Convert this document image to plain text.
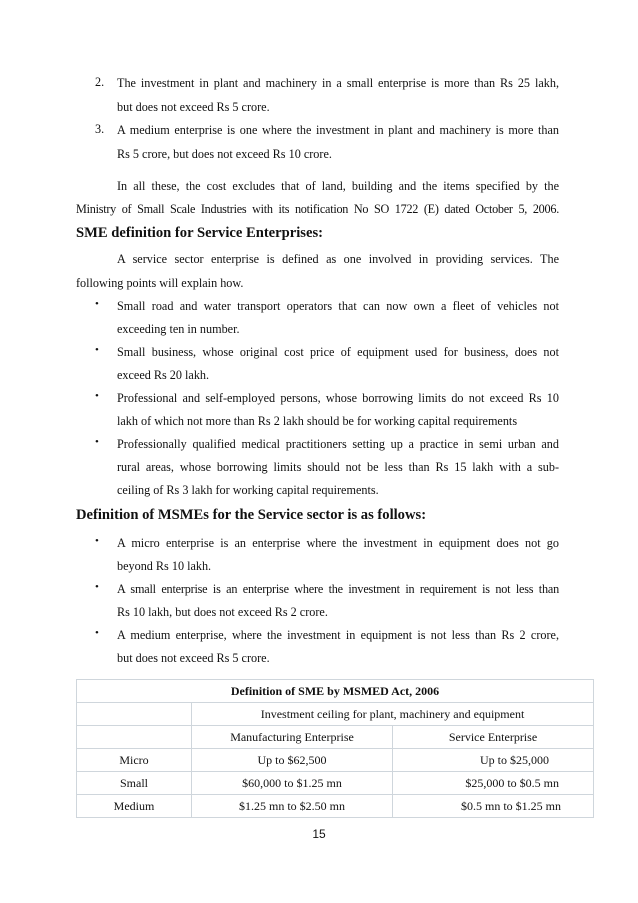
2. The investment in plant and machinery in a small enterprise is more than Rs 25 lakh,
but does not exceed Rs 5 crore.
3. A medium enterprise is one where the investment in plant and machinery is more than
Rs 5 crore, but does not exceed Rs 10 crore.
In all these, the cost excludes that of land, building and the items specified by the
Ministry of Small Scale Industries with its notification No SO 1722 (E) dated October 5, 2006.
SME definition for Service Enterprises:
A service sector enterprise is defined as one involved in providing services. The
following points will explain how.
• Small road and water transport operators that can now own a fleet of vehicles not
exceeding ten in number.
• Small business, whose original cost price of equipment used for business, does not
exceed Rs 20 lakh.
• Professional and self-employed persons, whose borrowing limits do not exceed Rs 10
lakh of which not more than Rs 2 lakh should be for working capital requirements
• Professionally qualified medical practitioners setting up a practice in semi urban and
rural areas, whose borrowing limits should not be less than Rs 15 lakh with a sub-
ceiling of Rs 3 lakh for working capital requirements.
Definition of MSMEs for the Service sector is as follows:
• A micro enterprise is an enterprise where the investment in equipment does not go
beyond Rs 10 lakh.
• A small enterprise is an enterprise where the investment in requirement is not less than
Rs 10 lakh, but does not exceed Rs 2 crore.
• A medium enterprise, where the investment in equipment is not less than Rs 2 crore,
but does not exceed Rs 5 crore.
Definition of SME by MSMED Act, 2006		
	Investment ceiling for plant, machinery and equipment	
	Manufacturing Enterprise	Service Enterprise
Micro	Up to $62,500	Up to $25,000
Small	$60,000 to $1.25 mn	$25,000 to $0.5 mn
Medium	$1.25 mn to $2.50 mn	$0.5 mn to $1.25 mn
15
